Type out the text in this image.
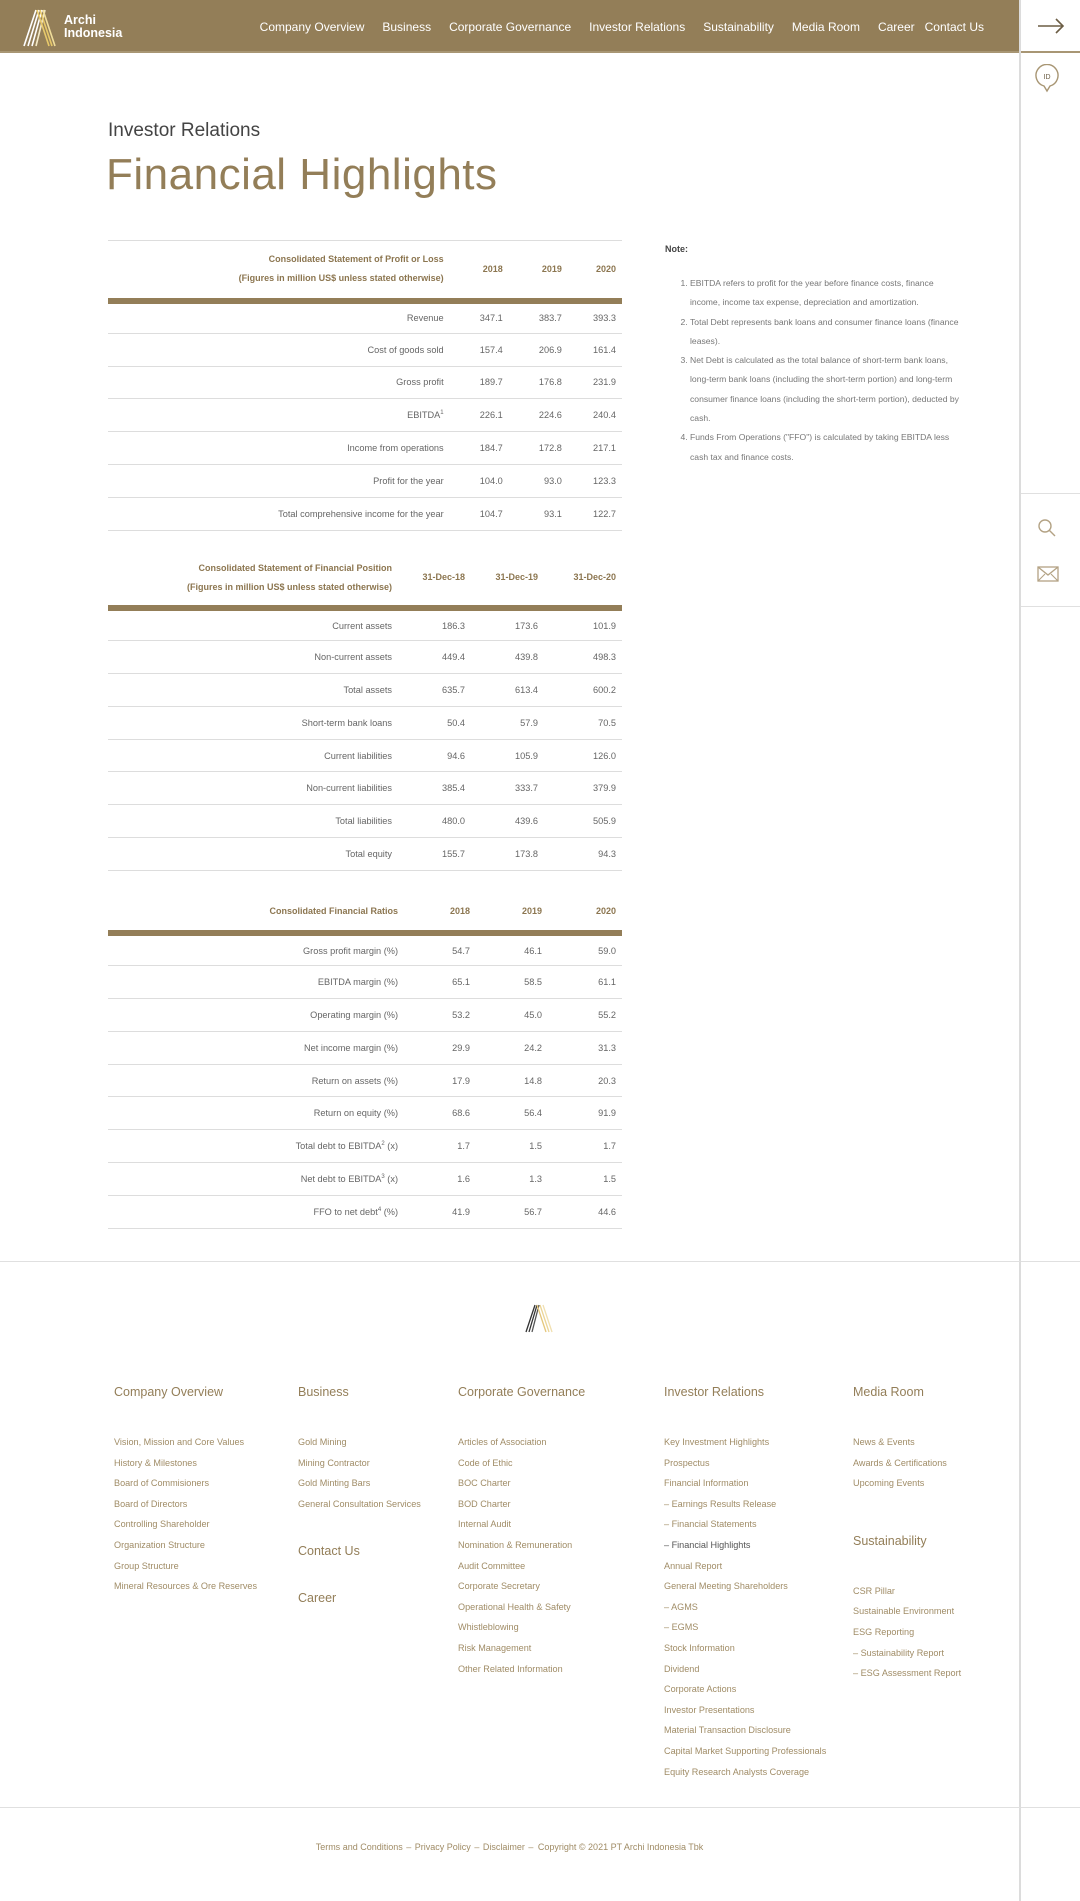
Archi
Indonesia	Company Overview Business Corporate Governance Investor Relations Sustainability Media Room Career Contact Us
ID
Investor Relations
Financial Highlights
Consolidated Statement of Profit or Loss
(Figures in million US$ unless stated otherwise)	2018	2019	2020
Revenue	347.1	383.7	393.3
Cost of goods sold	157.4	206.9	161.4
Gross profit	189.7	176.8	231.9
EBITDA$^1$	226.1	224.6	240.4
Income from operations	184.7	172.8	217.1
Profit for the year	104.0	93.0	123.3
Total comprehensive income for the year	104.7	93.1	122.7
Consolidated Statement of Financial Position
(Figures in million US$ unless stated otherwise)	31-Dec-18	31-Dec-19	31-Dec-20
Current assets	186.3	173.6	101.9
Non-current assets	449.4	439.8	498.3
Total assets	635.7	613.4	600.2
Short-term bank loans	50.4	57.9	70.5
Current liabilities	94.6	105.9	126.0
Non-current liabilities	385.4	333.7	379.9
Total liabilities	480.0	439.6	505.9
Total equity	155.7	173.8	94.3
Consolidated Financial Ratios	2018	2019	2020
Gross profit margin (%)	54.7	46.1	59.0
EBITDA margin (%)	65.1	58.5	61.1
Operating margin (%)	53.2	45.0	55.2
Net income margin (%)	29.9	24.2	31.3
Return on assets (%)	17.9	14.8	20.3
Return on equity (%)	68.6	56.4	91.9
Total debt to EBITDA$^2$ (x)	1.7	1.5	1.7
Net debt to EBITDA$^3$ (x)	1.6	1.3	1.5
FFO to net debt$^4$ (%)	41.9	56.7	44.6
Note:
1. EBITDA refers to profit for the year before finance costs, finance income, income tax expense, depreciation and amortization.
2. Total Debt represents bank loans and consumer finance loans (finance leases).
3. Net Debt is calculated as the total balance of short-term bank loans, long-term bank loans (including the short-term portion) and long-term consumer finance loans (including the short-term portion), deducted by cash.
4. Funds From Operations ("FFO") is calculated by taking EBITDA less cash tax and finance costs.
Company Overview
Vision, Mission and Core Values
History & Milestones
Board of Commisioners
Board of Directors
Controlling Shareholder
Organization Structure
Group Structure
Mineral Resources & Ore Reserves
Business
Gold Mining
Mining Contractor
Gold Minting Bars
General Consultation Services
Contact Us
Career
Corporate Governance
Articles of Association
Code of Ethic
BOC Charter
BOD Charter
Internal Audit
Nomination & Remuneration
Audit Committee
Corporate Secretary
Operational Health & Safety
Whistleblowing
Risk Management
Other Related Information
Investor Relations
Key Investment Highlights
Prospectus
Financial Information
– Earnings Results Release
– Financial Statements
– Financial Highlights
Annual Report
General Meeting Shareholders
– AGMS
– EGMS
Stock Information
Dividend
Corporate Actions
Investor Presentations
Material Transaction Disclosure
Capital Market Supporting Professionals
Equity Research Analysts Coverage
Media Room
News & Events
Awards & Certifications
Upcoming Events
Sustainability
CSR Pillar
Sustainable Environment
ESG Reporting
– Sustainability Report
– ESG Assessment Report
Terms and Conditions – Privacy Policy – Disclaimer – Copyright © 2021 PT Archi Indonesia Tbk
